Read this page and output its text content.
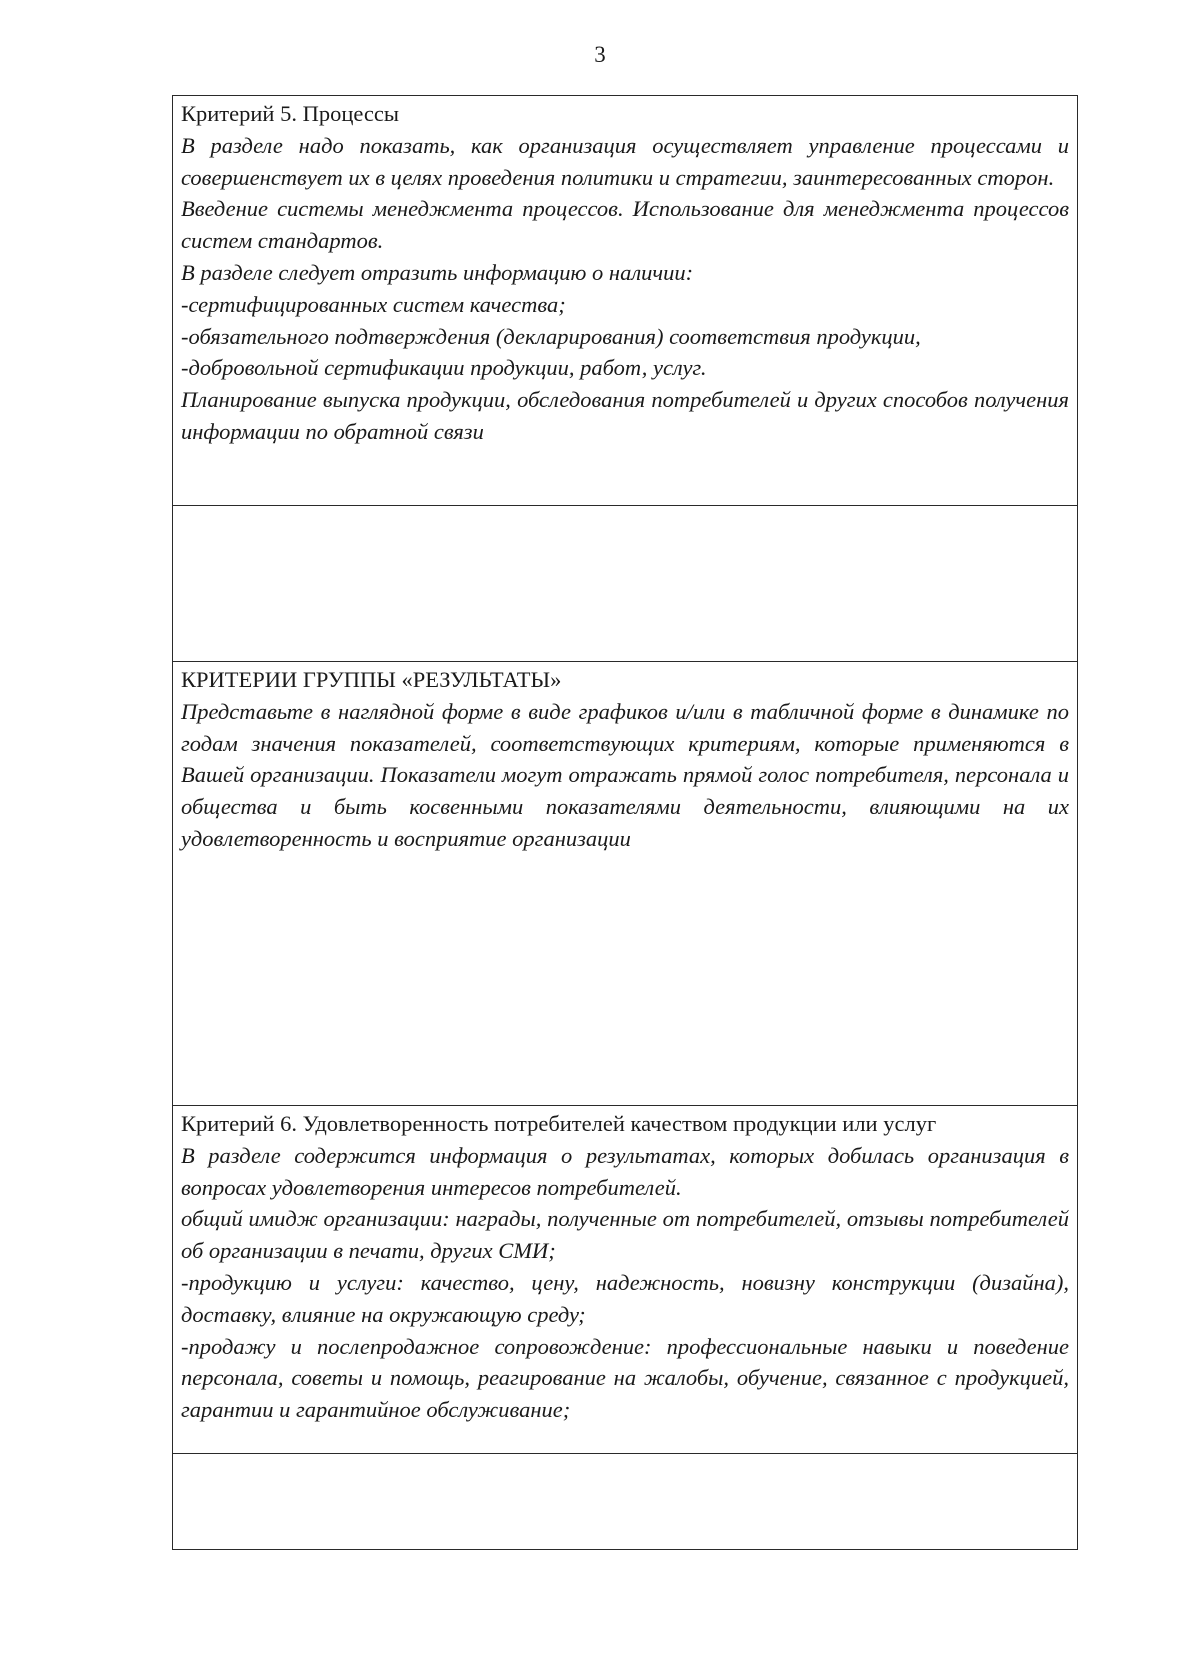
3
Критерий 5. Процессы

В разделе надо показать, как организация осуществляет управление процессами и совершенствует их в целях проведения политики и стратегии, заинтересованных сторон.

Введение системы менеджмента процессов. Использование для менеджмента процессов систем стандартов.

В разделе следует отразить информацию о наличии:

-сертифицированных систем качества;

-обязательного подтверждения (декларирования) соответствия продукции,

-добровольной сертификации продукции, работ, услуг.

Планирование выпуска продукции, обследования потребителей и других способов получения информации по обратной связи

КРИТЕРИИ ГРУППЫ «РЕЗУЛЬТАТЫ»

Представьте в наглядной форме в виде графиков и/или в табличной форме в динамике по годам значения показателей, соответствующих критериям, которые применяются в Вашей организации. Показатели могут отражать прямой голос потребителя, персонала и общества и быть косвенными показателями деятельности, влияющими на их удовлетворенность и восприятие организации

Критерий 6. Удовлетворенность потребителей качеством продукции или услуг

В разделе содержится информация о результатах, которых добилась организация в вопросах удовлетворения интересов потребителей.

общий имидж организации: награды, полученные от потребителей, отзывы потребителей об организации в печати, других СМИ;

-продукцию и услуги: качество, цену, надежность, новизну конструкции (дизайна), доставку, влияние на окружающую среду;

-продажу и послепродажное сопровождение: профессиональные навыки и поведение персонала, советы и помощь, реагирование на жалобы, обучение, связанное с продукцией, гарантии и гарантийное обслуживание;
